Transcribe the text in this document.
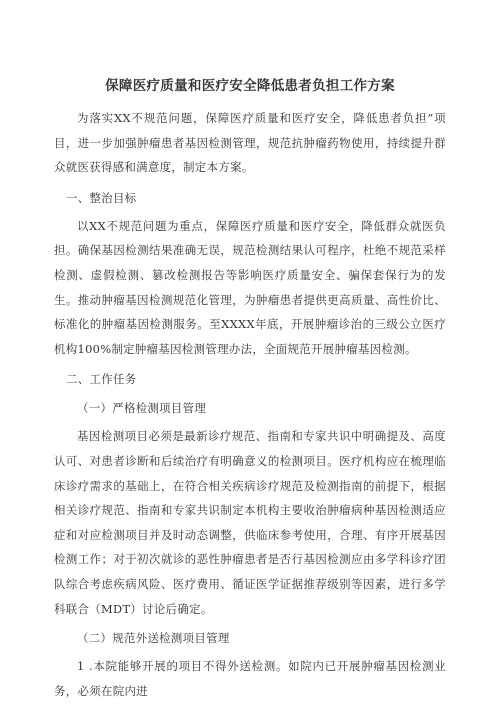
保障医疗质量和医疗安全降低患者负担工作方案

为落实XX不规范问题，保障医疗质量和医疗安全，降低患者负担”项目，进一步加强肿瘤患者基因检测管理，规范抗肿瘤药物使用，持续提升群众就医获得感和满意度，制定本方案。

一、整治目标

以XX不规范问题为重点，保障医疗质量和医疗安全，降低群众就医负担。确保基因检测结果准确无误，规范检测结果认可程序，杜绝不规范采样检测、虚假检测、篡改检测报告等影响医疗质量安全、骗保套保行为的发生。推动肿瘤基因检测规范化管理，为肿瘤患者提供更高质量、高性价比、标准化的肿瘤基因检测服务。至XXXX年底，开展肿瘤诊治的三级公立医疗机构100%制定肿瘤基因检测管理办法，全面规范开展肿瘤基因检测。

二、工作任务

（一）严格检测项目管理

基因检测项目必须是最新诊疗规范、指南和专家共识中明确提及、高度认可、对患者诊断和后续治疗有明确意义的检测项目。医疗机构应在梳理临床诊疗需求的基础上，在符合相关疾病诊疗规范及检测指南的前提下，根据相关诊疗规范、指南和专家共识制定本机构主要收治肿瘤病种基因检测适应症和对应检测项目并及时动态调整，供临床参考使用，合理、有序开展基因检测工作；对于初次就诊的恶性肿瘤患者是否行基因检测应由多学科诊疗团队综合考虑疾病风险、医疗费用、循证医学证据推荐级别等因素，进行多学科联合（MDT）讨论后确定。

（二）规范外送检测项目管理

1 .本院能够开展的项目不得外送检测。如院内已开展肿瘤基因检测业务，必须在院内进
